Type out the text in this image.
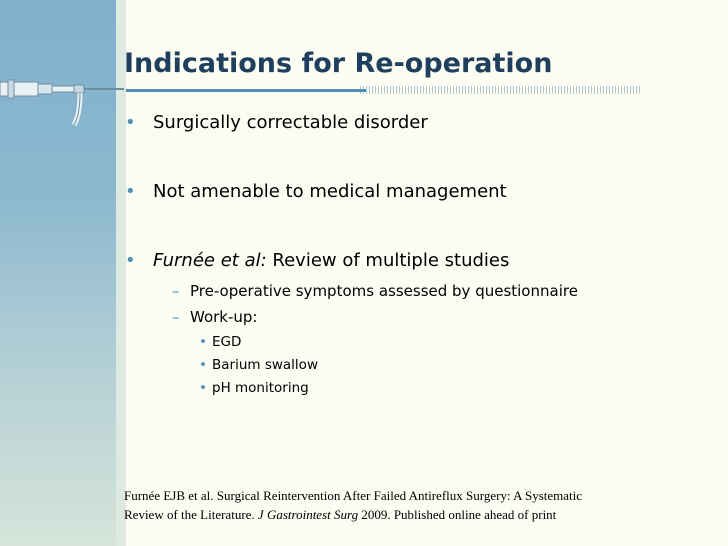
Indications for Re-operation
• Surgically correctable disorder
• Not amenable to medical management
• Furnée et al: Review of multiple studies
– Pre-operative symptoms assessed by questionnaire
– Work-up:
• EGD
• Barium swallow
• pH monitoring
Furnée EJB et al. Surgical Reintervention After Failed Antireflux Surgery: A Systematic
Review of the Literature. J Gastrointest Surg 2009. Published online ahead of print
